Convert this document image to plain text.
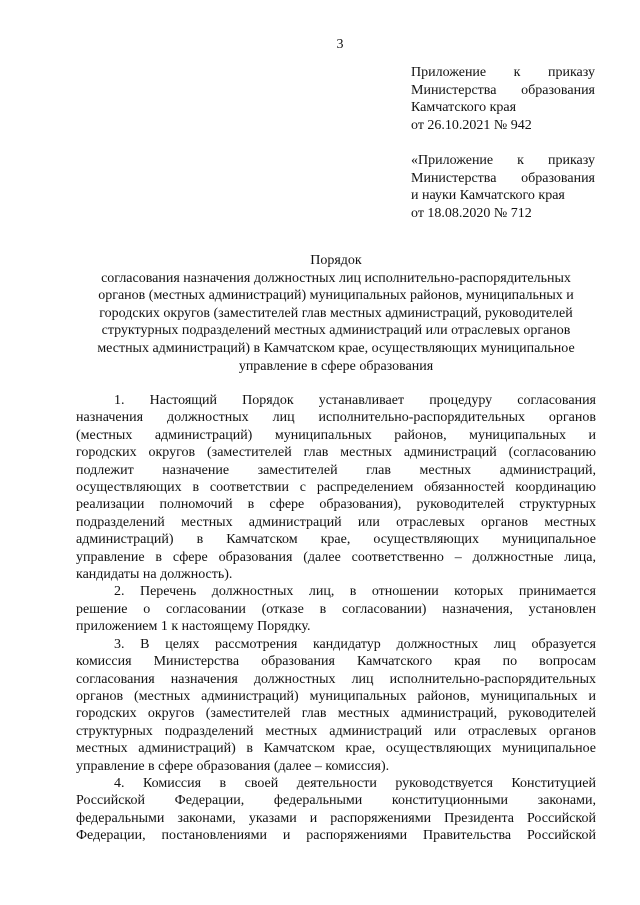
3
Приложение к приказу
Министерства образования
Камчатского края
от 26.10.2021 № 942
«Приложение к приказу
Министерства образования
и науки Камчатского края
от 18.08.2020 № 712
Порядок
согласования назначения должностных лиц исполнительно-распорядительных
органов (местных администраций) муниципальных районов, муниципальных и
городских округов (заместителей глав местных администраций, руководителей
структурных подразделений местных администраций или отраслевых органов
местных администраций) в Камчатском крае, осуществляющих муниципальное
управление в сфере образования
1. Настоящий Порядок устанавливает процедуру согласования
назначения должностных лиц исполнительно-распорядительных органов
(местных администраций) муниципальных районов, муниципальных и
городских округов (заместителей глав местных администраций (согласованию
подлежит назначение заместителей глав местных администраций,
осуществляющих в соответствии с распределением обязанностей координацию
реализации полномочий в сфере образования), руководителей структурных
подразделений местных администраций или отраслевых органов местных
администраций) в Камчатском крае, осуществляющих муниципальное
управление в сфере образования (далее соответственно – должностные лица,
кандидаты на должность).
2. Перечень должностных лиц, в отношении которых принимается
решение о согласовании (отказе в согласовании) назначения, установлен
приложением 1 к настоящему Порядку.
3. В целях рассмотрения кандидатур должностных лиц образуется
комиссия Министерства образования Камчатского края по вопросам
согласования назначения должностных лиц исполнительно-распорядительных
органов (местных администраций) муниципальных районов, муниципальных и
городских округов (заместителей глав местных администраций, руководителей
структурных подразделений местных администраций или отраслевых органов
местных администраций) в Камчатском крае, осуществляющих муниципальное
управление в сфере образования (далее – комиссия).
4. Комиссия в своей деятельности руководствуется Конституцией
Российской Федерации, федеральными конституционными законами,
федеральными законами, указами и распоряжениями Президента Российской
Федерации, постановлениями и распоряжениями Правительства Российской
